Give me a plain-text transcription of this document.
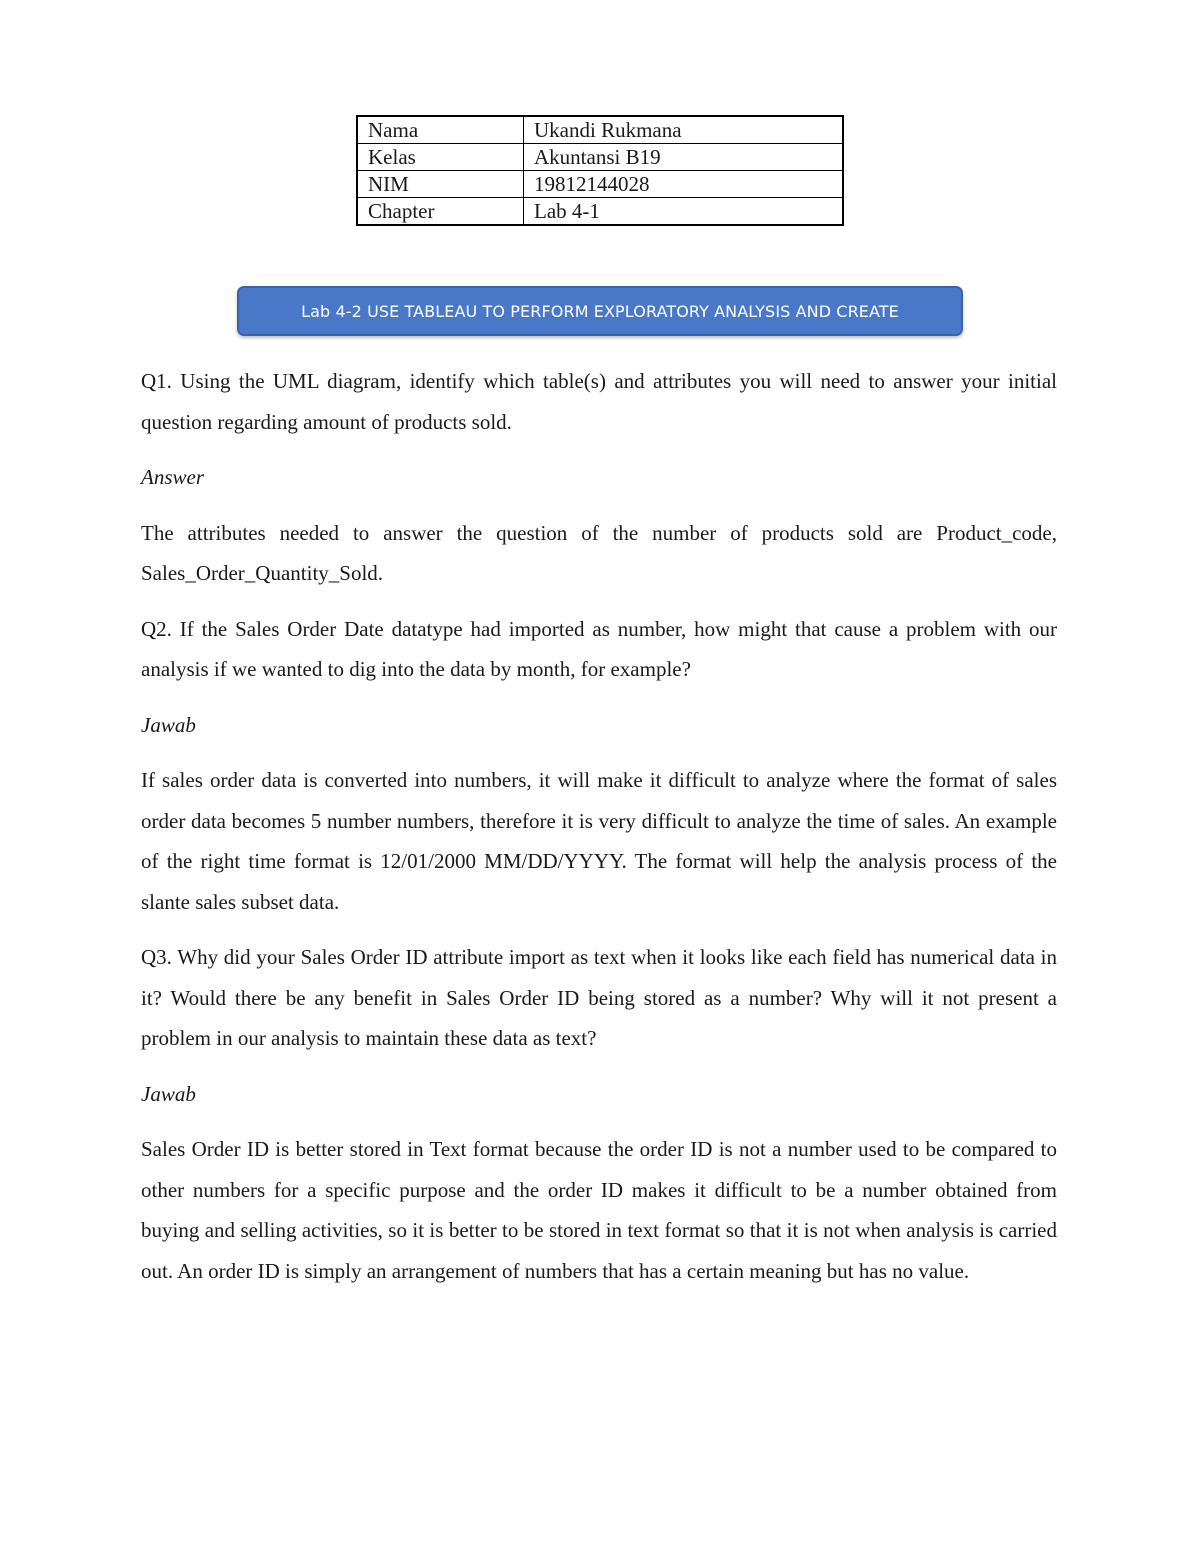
Nama	Ukandi Rukmana
Kelas	Akuntansi B19
NIM	19812144028
Chapter	Lab 4-1
Lab 4-2 USE TABLEAU TO PERFORM EXPLORATORY ANALYSIS AND CREATE

Q1. Using the UML diagram, identify which table(s) and attributes you will need to answer your initial question regarding amount of products sold.

Answer

The attributes needed to answer the question of the number of products sold are Product_code, Sales_Order_Quantity_Sold.

Q2. If the Sales Order Date datatype had imported as number, how might that cause a problem with our analysis if we wanted to dig into the data by month, for example?

Jawab

If sales order data is converted into numbers, it will make it difficult to analyze where the format of sales order data becomes 5 number numbers, therefore it is very difficult to analyze the time of sales. An example of the right time format is 12/01/2000 MM/DD/YYYY. The format will help the analysis process of the slante sales subset data.

Q3. Why did your Sales Order ID attribute import as text when it looks like each field has numerical data in it? Would there be any benefit in Sales Order ID being stored as a number? Why will it not present a problem in our analysis to maintain these data as text?

Jawab

Sales Order ID is better stored in Text format because the order ID is not a number used to be compared to other numbers for a specific purpose and the order ID makes it difficult to be a number obtained from buying and selling activities, so it is better to be stored in text format so that it is not when analysis is carried out. An order ID is simply an arrangement of numbers that has a certain meaning but has no value.
